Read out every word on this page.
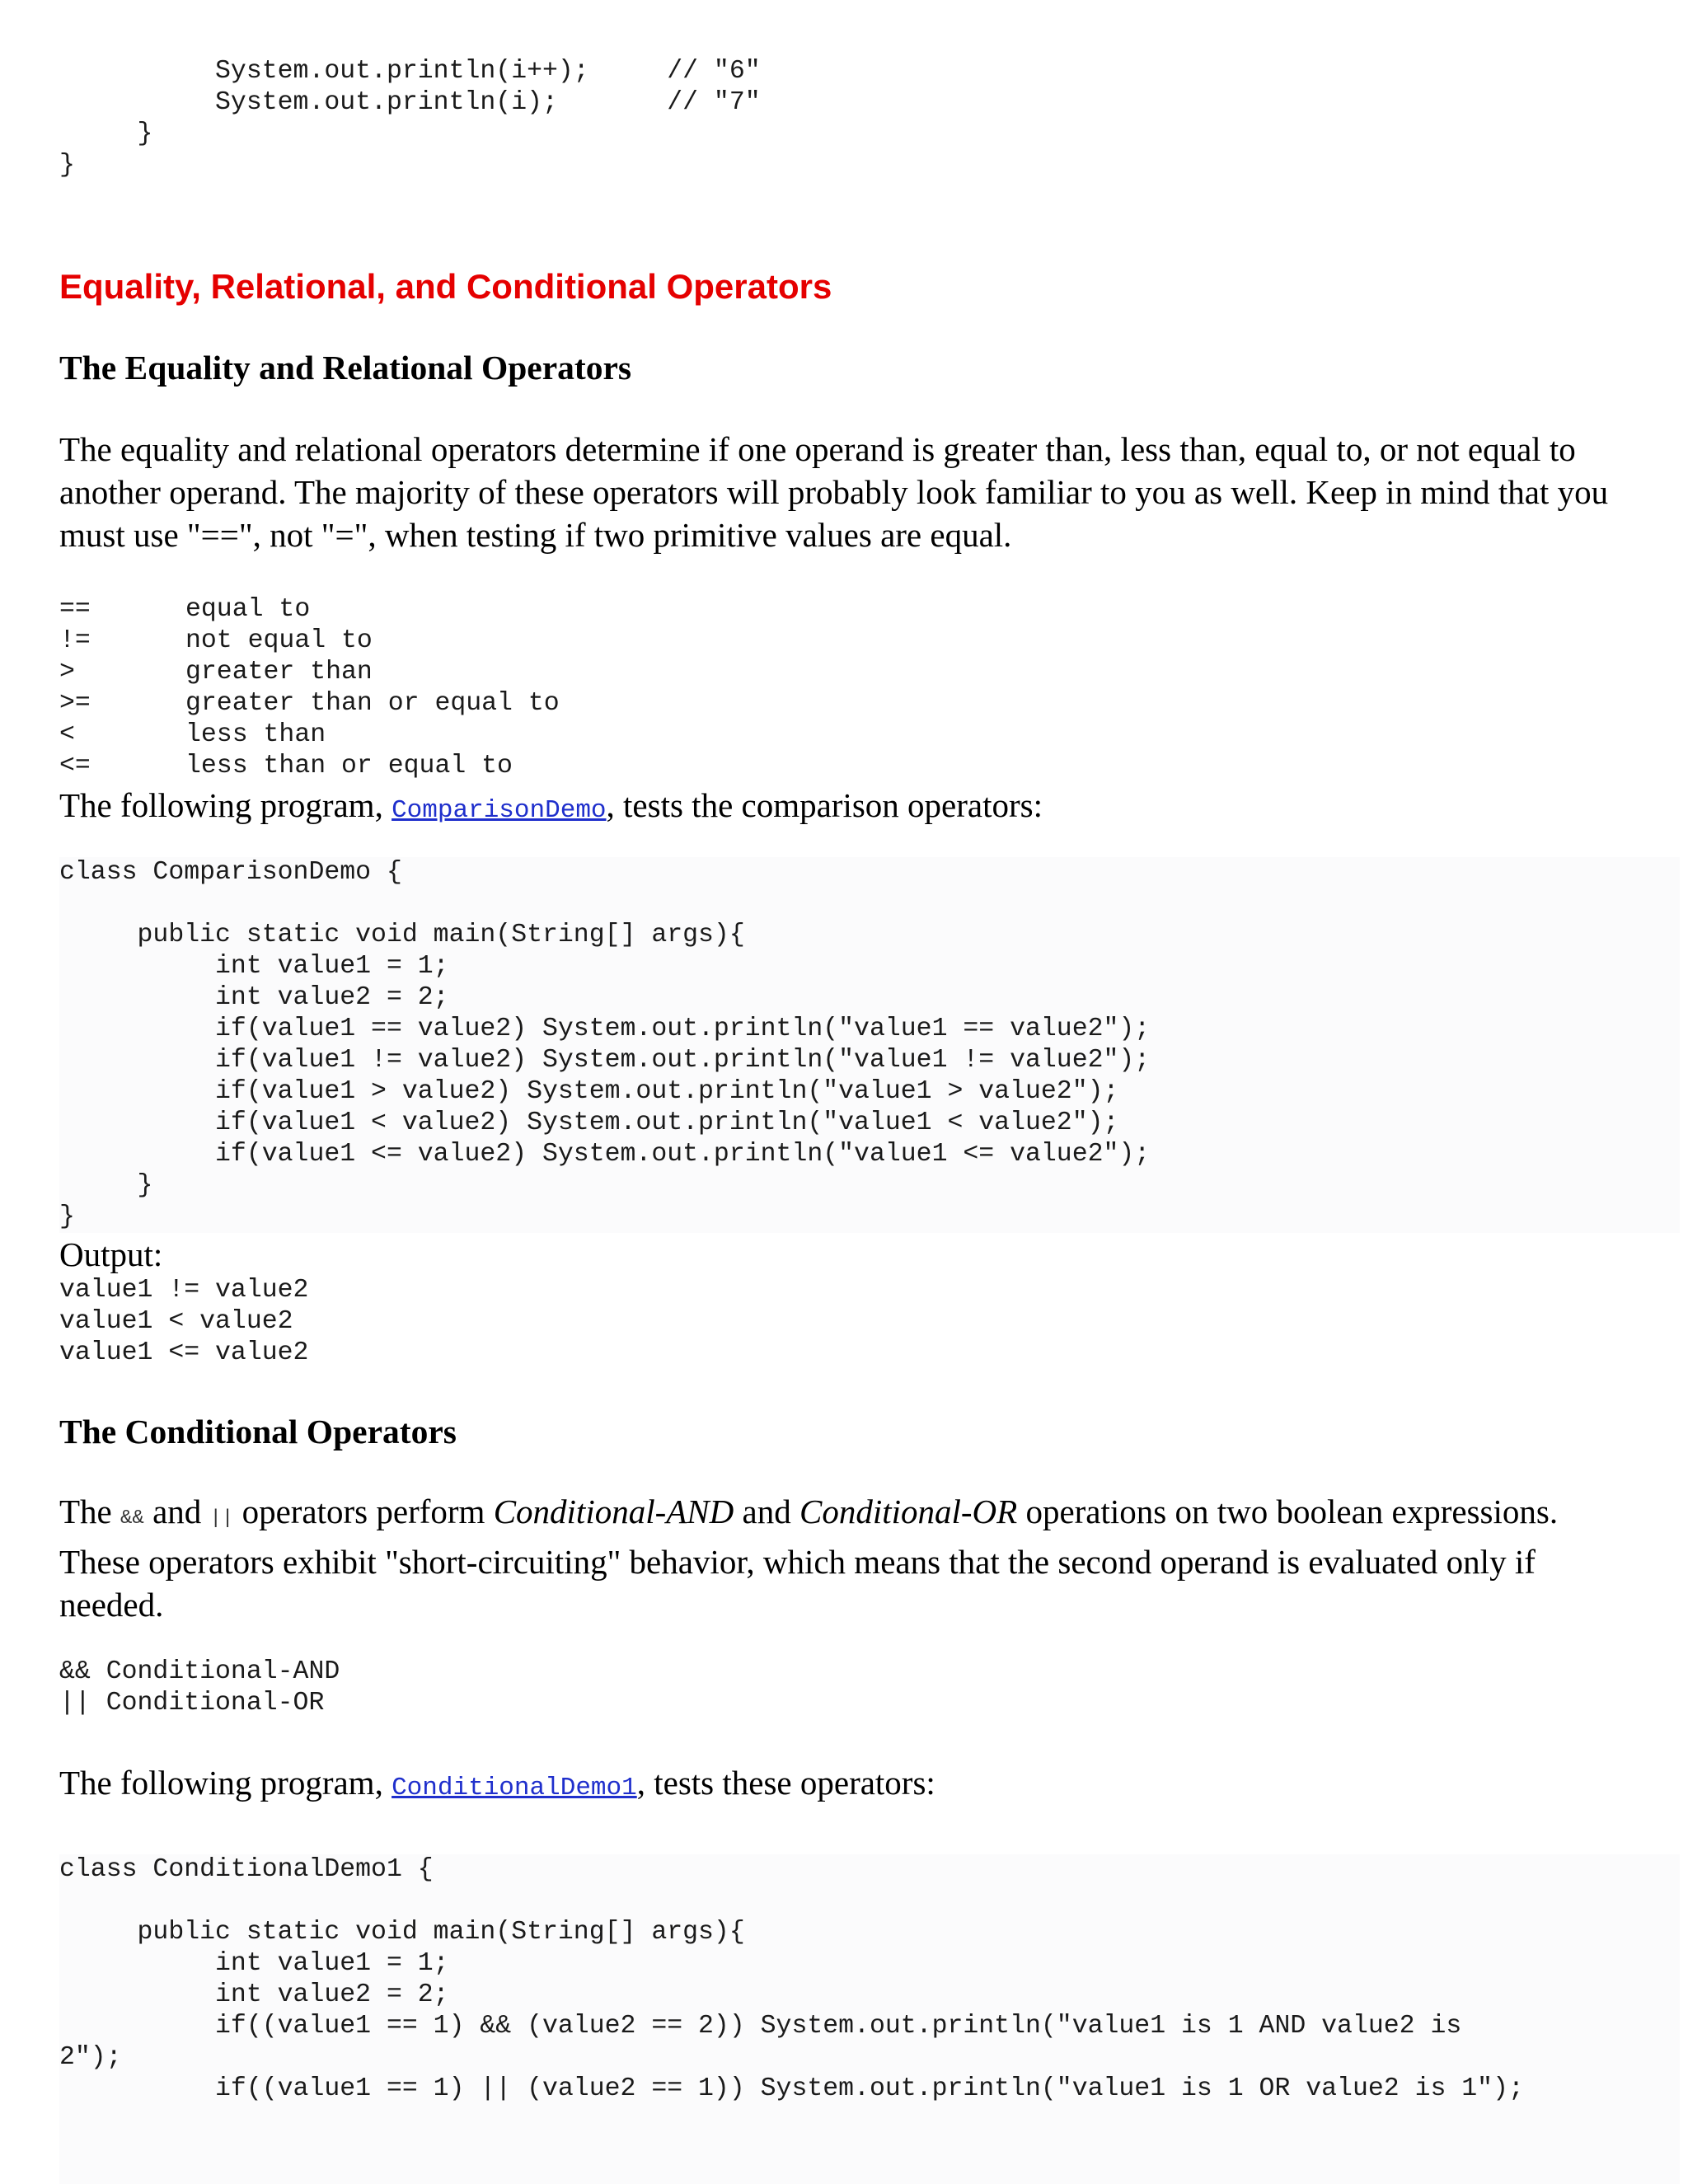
System.out.println(i++);     // "6"
System.out.println(i);       // "7"
}
}
Equality, Relational, and Conditional Operators
The Equality and Relational Operators

The equality and relational operators determine if one operand is greater than, less than, equal to, or not equal to another operand. The majority of these operators will probably look familiar to you as well. Keep in mind that you must use "==", not "=", when testing if two primitive values are equal.

==	equal to
!=	not equal to
>	greater than
>=	greater than or equal to
<	less than
<=	less than or equal to

The following program, ComparisonDemo, tests the comparison operators:

class ComparisonDemo {

public static void main(String[] args){
int value1 = 1;
int value2 = 2;
if(value1 == value2) System.out.println("value1 == value2");
if(value1 != value2) System.out.println("value1 != value2");
if(value1 > value2) System.out.println("value1 > value2");
if(value1 < value2) System.out.println("value1 < value2");
if(value1 <= value2) System.out.println("value1 <= value2");
}
}

Output:

value1 != value2
value1 < value2
value1 <= value2
The Conditional Operators

The && and || operators perform Conditional-AND and Conditional-OR operations on two boolean expressions. These operators exhibit "short-circuiting" behavior, which means that the second operand is evaluated only if needed.

&& Conditional-AND
|| Conditional-OR

The following program, ConditionalDemo1, tests these operators:

class ConditionalDemo1 {

public static void main(String[] args){
int value1 = 1;
int value2 = 2;
if((value1 == 1) && (value2 == 2)) System.out.println("value1 is 1 AND value2 is
2");
if((value1 == 1) || (value2 == 1)) System.out.println("value1 is 1 OR value2 is 1");
